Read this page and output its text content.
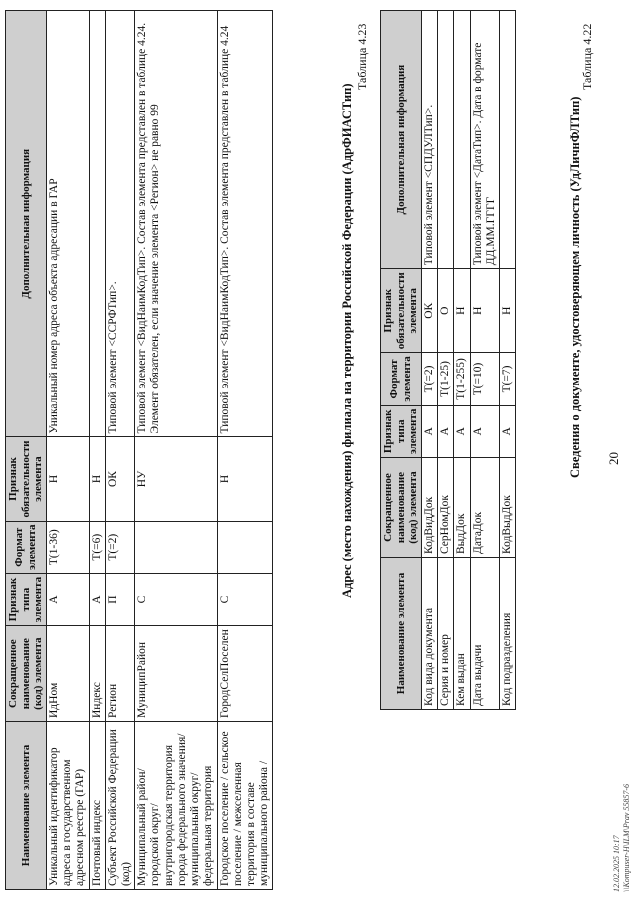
20
Таблица 4.22
Сведения о документе, удостоверяющем личность (УдЛичнФЛТип)
Наименование элемента	Сокращенное наименование (код) элемента	Признак типа элемента	Формат элемента	Признак обязательности элемента	Дополнительная информация
Код вида документа	КодВидДок	А	Т(=2)	ОК	Типовой элемент <СПДУЛТип>.
Серия и номер	СерНомДок	А	Т(1-25)	О	
Кем выдан	ВыдДок	А	Т(1-255)	Н	
Дата выдачи	ДатаДок	А	Т(=10)	Н	Типовой элемент <ДатаТип>. Дата в формате ДД.ММ.ГГГГ
Код подразделения	КодВыдДок	А	Т(=7)	Н	
Таблица 4.23
Адрес (место нахождения) филиала на территории Российской Федерации (АдрФИАСТип)
Наименование элемента	Сокращенное наименование (код) элемента	Признак типа элемента	Формат элемента	Признак обязательности элемента	Дополнительная информация
Уникальный идентификатор адреса в государственном адресном реестре (ГАР)	ИдНом	А	Т(1-36)	Н	Уникальный номер адреса объекта адресации в ГАР
Почтовый индекс	Индекс	А	Т(=6)	Н	
Субъект Российской Федерации (код)	Регион	П	Т(=2)	ОК	Типовой элемент <ССРФТип>.
Муниципальный район/ городской округ/ внутригородская территория города федерального значения/ муниципальный округ/федеральная территория	МуниципРайон	С		НУ	Типовой элемент <ВидНаимКодТип>. Состав элемента представлен в таблице 4.24. Элемент обязателен, если значение элемента <Регион> не равно 99
Городское поселение / сельское поселение / межселенная территория в составе муниципального района /	ГородСелПоселен	С		Н	Типовой элемент <ВидНаимКодТип>. Состав элемента представлен в таблице 4.24
12.02.2025 10:17 \\Kompuser-H\ILM\Prav 55857-6
